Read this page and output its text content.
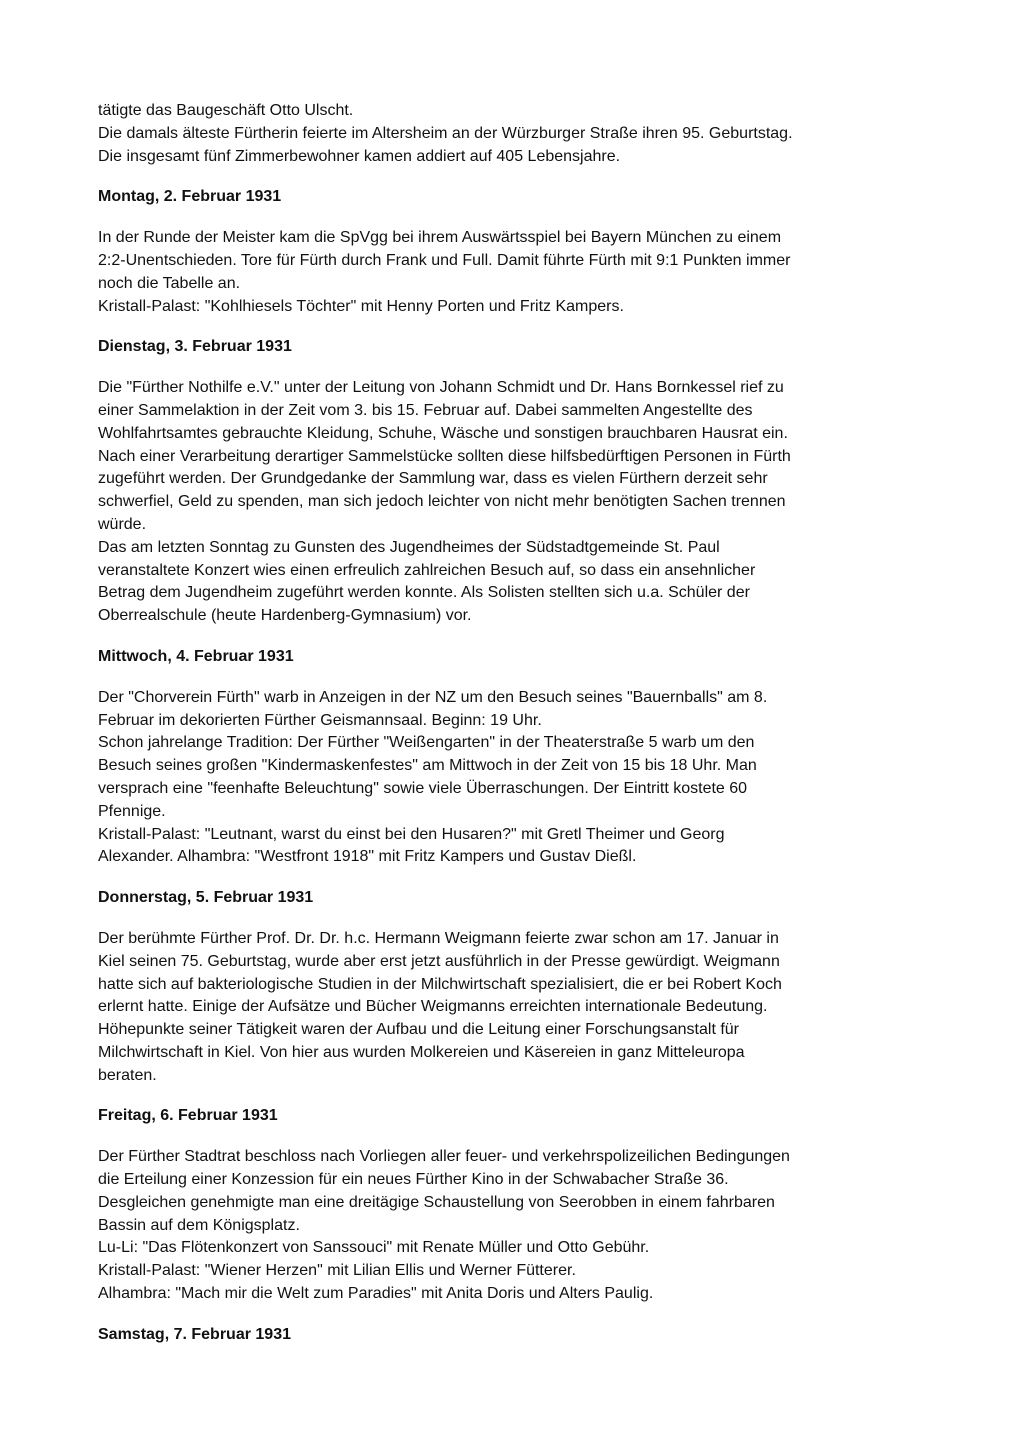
tätigte das Baugeschäft Otto Ulscht.
Die damals älteste Fürtherin feierte im Altersheim an der Würzburger Straße ihren 95. Geburtstag.
Die insgesamt fünf Zimmerbewohner kamen addiert auf 405 Lebensjahre.

Montag, 2. Februar 1931

In der Runde der Meister kam die SpVgg bei ihrem Auswärtsspiel bei Bayern München zu einem
2:2-Unentschieden. Tore für Fürth durch Frank und Full. Damit führte Fürth mit 9:1 Punkten immer
noch die Tabelle an.
Kristall-Palast: "Kohlhiesels Töchter" mit Henny Porten und Fritz Kampers.

Dienstag, 3. Februar 1931

Die "Fürther Nothilfe e.V." unter der Leitung von Johann Schmidt und Dr. Hans Bornkessel rief zu
einer Sammelaktion in der Zeit vom 3. bis 15. Februar auf. Dabei sammelten Angestellte des
Wohlfahrtsamtes gebrauchte Kleidung, Schuhe, Wäsche und sonstigen brauchbaren Hausrat ein.
Nach einer Verarbeitung derartiger Sammelstücke sollten diese hilfsbedürftigen Personen in Fürth
zugeführt werden. Der Grundgedanke der Sammlung war, dass es vielen Fürthern derzeit sehr
schwerfiel, Geld zu spenden, man sich jedoch leichter von nicht mehr benötigten Sachen trennen
würde.
Das am letzten Sonntag zu Gunsten des Jugendheimes der Südstadtgemeinde St. Paul
veranstaltete Konzert wies einen erfreulich zahlreichen Besuch auf, so dass ein ansehnlicher
Betrag dem Jugendheim zugeführt werden konnte. Als Solisten stellten sich u.a. Schüler der
Oberrealschule (heute Hardenberg-Gymnasium) vor.

Mittwoch, 4. Februar 1931

Der "Chorverein Fürth" warb in Anzeigen in der NZ um den Besuch seines "Bauernballs" am 8.
Februar im dekorierten Fürther Geismannsaal. Beginn: 19 Uhr.
Schon jahrelange Tradition: Der Fürther "Weißengarten" in der Theaterstraße 5 warb um den
Besuch seines großen "Kindermaskenfestes" am Mittwoch in der Zeit von 15 bis 18 Uhr. Man
versprach eine "feenhafte Beleuchtung" sowie viele Überraschungen. Der Eintritt kostete 60
Pfennige.
Kristall-Palast: "Leutnant, warst du einst bei den Husaren?" mit Gretl Theimer und Georg
Alexander. Alhambra: "Westfront 1918" mit Fritz Kampers und Gustav Dießl.

Donnerstag, 5. Februar 1931

Der berühmte Fürther Prof. Dr. Dr. h.c. Hermann Weigmann feierte zwar schon am 17. Januar in
Kiel seinen 75. Geburtstag, wurde aber erst jetzt ausführlich in der Presse gewürdigt. Weigmann
hatte sich auf bakteriologische Studien in der Milchwirtschaft spezialisiert, die er bei Robert Koch
erlernt hatte. Einige der Aufsätze und Bücher Weigmanns erreichten internationale Bedeutung.
Höhepunkte seiner Tätigkeit waren der Aufbau und die Leitung einer Forschungsanstalt für
Milchwirtschaft in Kiel. Von hier aus wurden Molkereien und Käsereien in ganz Mitteleuropa
beraten.

Freitag, 6. Februar 1931

Der Fürther Stadtrat beschloss nach Vorliegen aller feuer- und verkehrspolizeilichen Bedingungen
die Erteilung einer Konzession für ein neues Fürther Kino in der Schwabacher Straße 36.
Desgleichen genehmigte man eine dreitägige Schaustellung von Seerobben in einem fahrbaren
Bassin auf dem Königsplatz.
Lu-Li: "Das Flötenkonzert von Sanssouci" mit Renate Müller und Otto Gebühr.
Kristall-Palast: "Wiener Herzen" mit Lilian Ellis und Werner Fütterer.
Alhambra: "Mach mir die Welt zum Paradies" mit Anita Doris und Alters Paulig.

Samstag, 7. Februar 1931
